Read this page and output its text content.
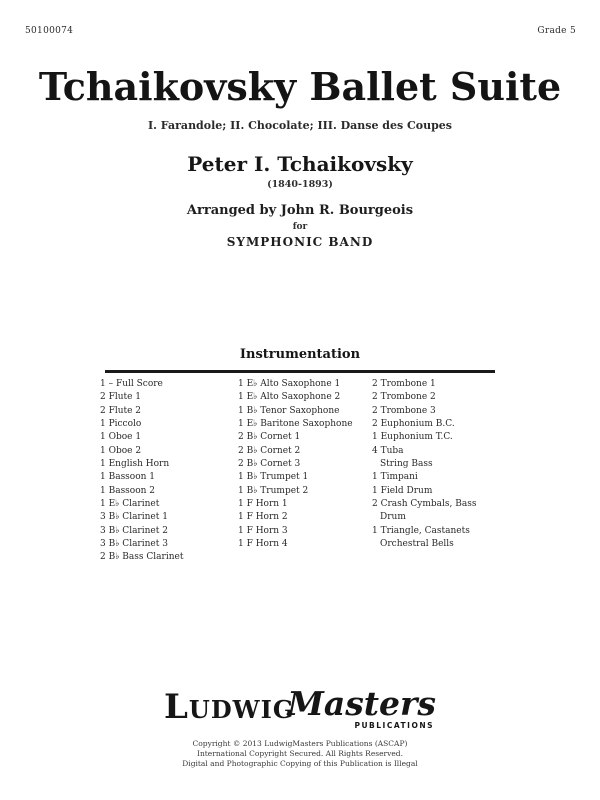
50100074	Grade 5
Tchaikovsky Ballet Suite
I. Farandole; II. Chocolate; III. Danse des Coupes
Peter I. Tchaikovsky
(1840-1893)
Arranged by John R. Bourgeois
for
SYMPHONIC BAND
Instrumentation
1 – Full Score
2 Flute 1
2 Flute 2
1 Piccolo
1 Oboe 1
1 Oboe 2
1 English Horn
1 Bassoon 1
1 Bassoon 2
1 E♭ Clarinet
3 B♭ Clarinet 1
3 B♭ Clarinet 2
3 B♭ Clarinet 3
2 B♭ Bass Clarinet
1 E♭ Alto Saxophone 1
1 E♭ Alto Saxophone 2
1 B♭ Tenor Saxophone
1 E♭ Baritone Saxophone
2 B♭ Cornet 1
2 B♭ Cornet 2
2 B♭ Cornet 3
1 B♭ Trumpet 1
1 B♭ Trumpet 2
1 F Horn 1
1 F Horn 2
1 F Horn 3
1 F Horn 4
2 Trombone 1
2 Trombone 2
2 Trombone 3
2 Euphonium B.C.
1 Euphonium T.C.
4 Tuba
String Bass
1 Timpani
1 Field Drum
2 Crash Cymbals, Bass
Drum
1 Triangle, Castanets
Orchestral Bells
Ludwig
Masters
PUBLICATIONS
Copyright © 2013 LudwigMasters Publications (ASCAP)
International Copyright Secured. All Rights Reserved.
Digital and Photographic Copying of this Publication is Illegal
